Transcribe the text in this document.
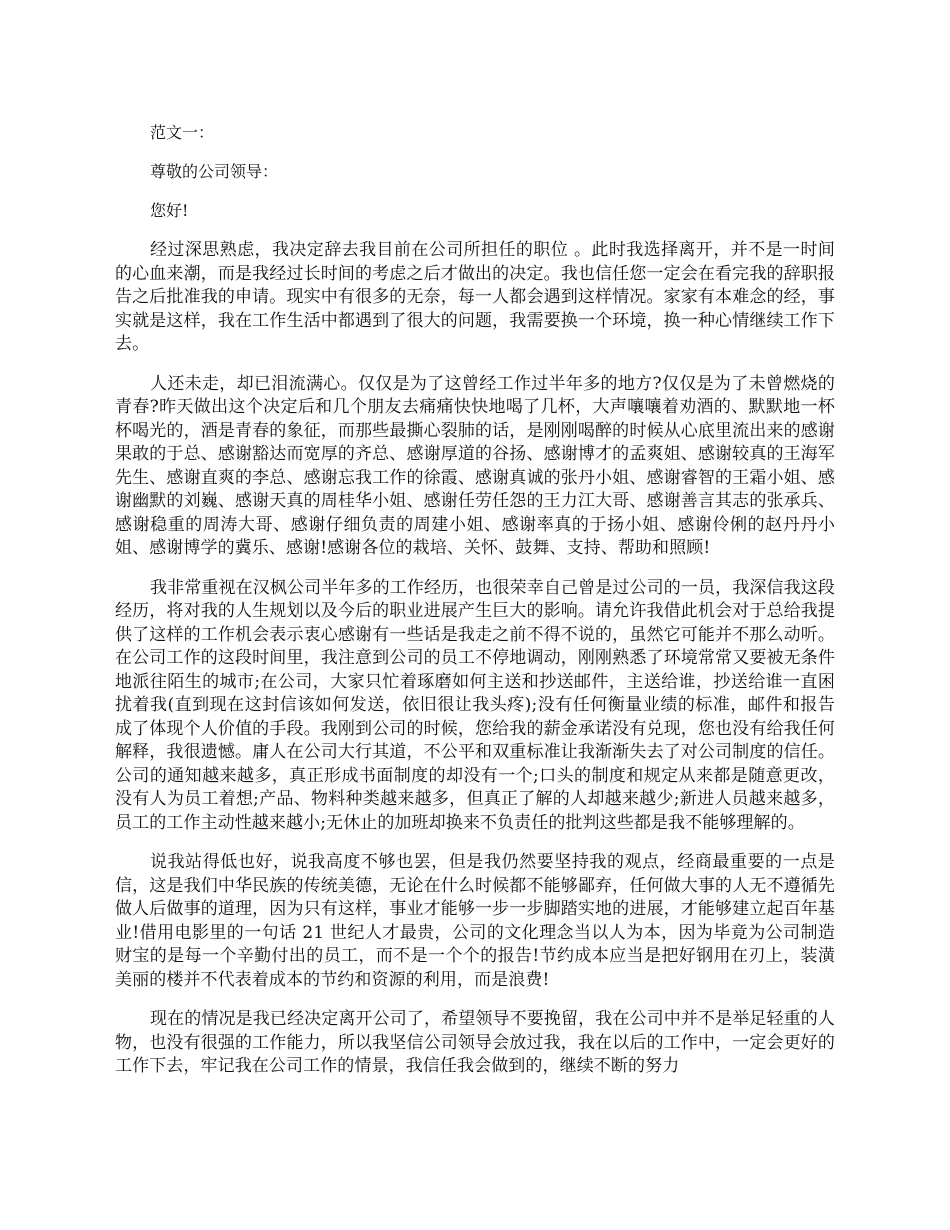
范文一：

尊敬的公司领导：

您好!

经过深思熟虑，我决定辞去我目前在公司所担任的职位 。此时我选择离开，并不是一时间的心血来潮，而是我经过长时间的考虑之后才做出的决定。我也信任您一定会在看完我的辞职报告之后批准我的申请。现实中有很多的无奈，每一人都会遇到这样情况。家家有本难念的经，事实就是这样，我在工作生活中都遇到了很大的问题，我需要换一个环境，换一种心情继续工作下去。

人还未走，却已泪流满心。仅仅是为了这曾经工作过半年多的地方?仅仅是为了未曾燃烧的青春?昨天做出这个决定后和几个朋友去痛痛快快地喝了几杯，大声嚷嚷着劝酒的、默默地一杯杯喝光的，酒是青春的象征，而那些最撕心裂肺的话，是刚刚喝醉的时候从心底里流出来的感谢果敢的于总、感谢豁达而宽厚的齐总、感谢厚道的谷扬、感谢博才的孟爽姐、感谢较真的王海军先生、感谢直爽的李总、感谢忘我工作的徐霞、感谢真诚的张丹小姐、感谢睿智的王霜小姐、感谢幽默的刘巍、感谢天真的周桂华小姐、感谢任劳任怨的王力江大哥、感谢善言其志的张承兵、感谢稳重的周涛大哥、感谢仔细负责的周建小姐、感谢率真的于扬小姐、感谢伶俐的赵丹丹小姐、感谢博学的冀乐、感谢!感谢各位的栽培、关怀、鼓舞、支持、帮助和照顾!

我非常重视在汉枫公司半年多的工作经历，也很荣幸自己曾是过公司的一员，我深信我这段经历，将对我的人生规划以及今后的职业进展产生巨大的影响。请允许我借此机会对于总给我提供了这样的工作机会表示衷心感谢有一些话是我走之前不得不说的，虽然它可能并不那么动听。在公司工作的这段时间里，我注意到公司的员工不停地调动，刚刚熟悉了环境常常又要被无条件地派往陌生的城市;在公司，大家只忙着琢磨如何主送和抄送邮件，主送给谁，抄送给谁一直困扰着我(直到现在这封信该如何发送，依旧很让我头疼);没有任何衡量业绩的标准，邮件和报告成了体现个人价值的手段。我刚到公司的时候，您给我的薪金承诺没有兑现，您也没有给我任何解释，我很遗憾。庸人在公司大行其道，不公平和双重标准让我渐渐失去了对公司制度的信任。公司的通知越来越多，真正形成书面制度的却没有一个;口头的制度和规定从来都是随意更改，没有人为员工着想;产品、物料种类越来越多，但真正了解的人却越来越少;新进人员越来越多，员工的工作主动性越来越小;无休止的加班却换来不负责任的批判这些都是我不能够理解的。

说我站得低也好，说我高度不够也罢，但是我仍然要坚持我的观点，经商最重要的一点是信，这是我们中华民族的传统美德，无论在什么时候都不能够鄙弃，任何做大事的人无不遵循先做人后做事的道理，因为只有这样，事业才能够一步一步脚踏实地的进展，才能够建立起百年基业!借用电影里的一句话 21 世纪人才最贵，公司的文化理念当以人为本，因为毕竟为公司制造财宝的是每一个辛勤付出的员工，而不是一个个的报告!节约成本应当是把好钢用在刃上，装潢美丽的楼并不代表着成本的节约和资源的利用，而是浪费!

现在的情况是我已经决定离开公司了，希望领导不要挽留，我在公司中并不是举足轻重的人物，也没有很强的工作能力，所以我坚信公司领导会放过我，我在以后的工作中，一定会更好的工作下去，牢记我在公司工作的情景，我信任我会做到的，继续不断的努力
